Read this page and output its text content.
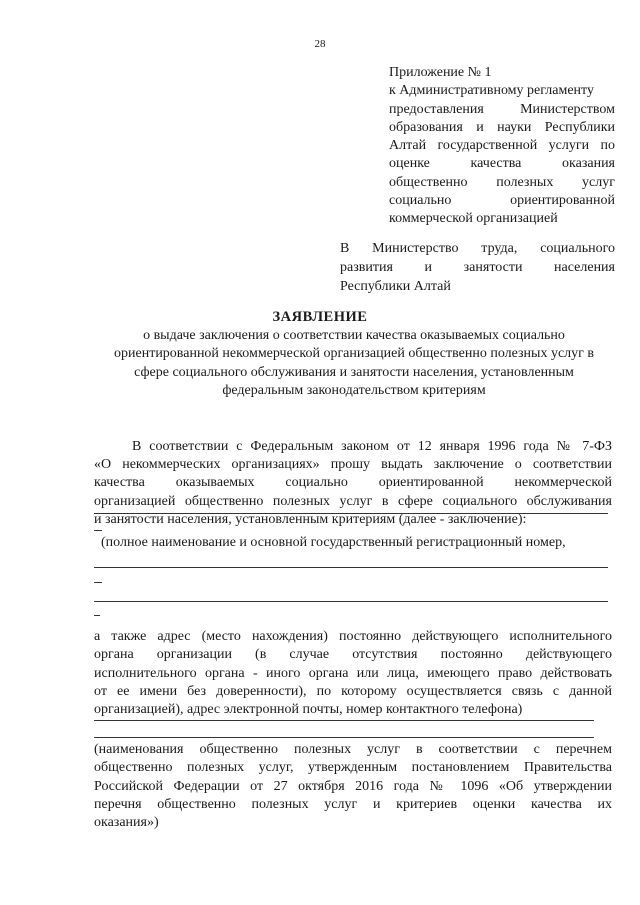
28
Приложение № 1
к Административному регламенту
предоставления Министерством
образования и науки Республики
Алтай государственной услуги по
оценке качества оказания
общественно полезных услуг
социально ориентированной
коммерческой организацией
В Министерство труда, социального
развития и занятости населения
Республики Алтай
ЗАЯВЛЕНИЕ
о выдаче заключения о соответствии качества оказываемых социально
ориентированной некоммерческой организацией общественно полезных услуг в
сфере социального обслуживания и занятости населения, установленным
федеральным законодательством критериям
В соответствии с Федеральным законом от 12 января 1996 года № 7-ФЗ
«О некоммерческих организациях» прошу выдать заключение о соответствии
качества оказываемых социально ориентированной некоммерческой
организацией общественно полезных услуг в сфере социального обслуживания
и занятости населения, установленным критериям (далее - заключение):
(полное наименование и основной государственный регистрационный номер,
а также адрес (место нахождения) постоянно действующего исполнительного
органа организации (в случае отсутствия постоянно действующего
исполнительного органа - иного органа или лица, имеющего право действовать
от ее имени без доверенности), по которому осуществляется связь с данной
организацией), адрес электронной почты, номер контактного телефона)
(наименования общественно полезных услуг в соответствии с перечнем
общественно полезных услуг, утвержденным постановлением Правительства
Российской Федерации от 27 октября 2016 года № 1096 «Об утверждении
перечня общественно полезных услуг и критериев оценки качества их
оказания»)
